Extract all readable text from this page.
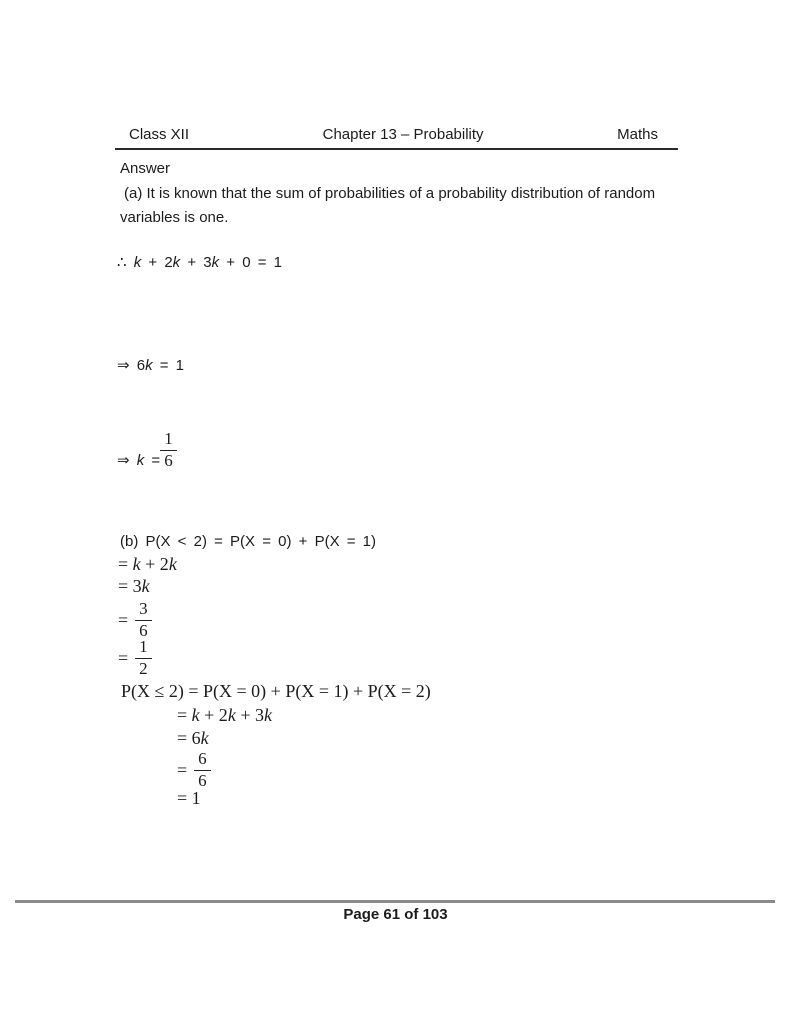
Class XII	Chapter 13 – Probability	Maths
Answer
(a) It is known that the sum of probabilities of a probability distribution of random
variables is one.
∴ k + 2k + 3k + 0 = 1
⇒ 6k = 1
⇒ $k = \frac{1}{6}$
(b) P(X < 2) = P(X = 0) + P(X = 1)
= k + 2k
= 3k
= $\frac{3}{6}$
= $\frac{1}{2}$
P(X ≤ 2) = P(X = 0) + P(X = 1) + P(X = 2)
= k + 2k + 3k
= 6k
= $\frac{6}{6}$
= 1
Page 61 of 103
